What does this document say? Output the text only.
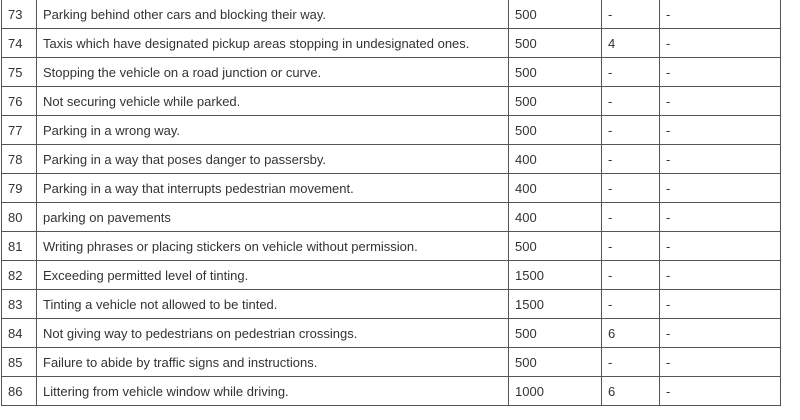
73	Parking behind other cars and blocking their way.	500	-	-
74	Taxis which have designated pickup areas stopping in undesignated ones.	500	4	-
75	Stopping the vehicle on a road junction or curve.	500	-	-
76	Not securing vehicle while parked.	500	-	-
77	Parking in a wrong way.	500	-	-
78	Parking in a way that poses danger to passersby.	400	-	-
79	Parking in a way that interrupts pedestrian movement.	400	-	-
80	parking on pavements	400	-	-
81	Writing phrases or placing stickers on vehicle without permission.	500	-	-
82	Exceeding permitted level of tinting.	1500	-	-
83	Tinting a vehicle not allowed to be tinted.	1500	-	-
84	Not giving way to pedestrians on pedestrian crossings.	500	6	-
85	Failure to abide by traffic signs and instructions.	500	-	-
86	Littering from vehicle window while driving.	1000	6	-
